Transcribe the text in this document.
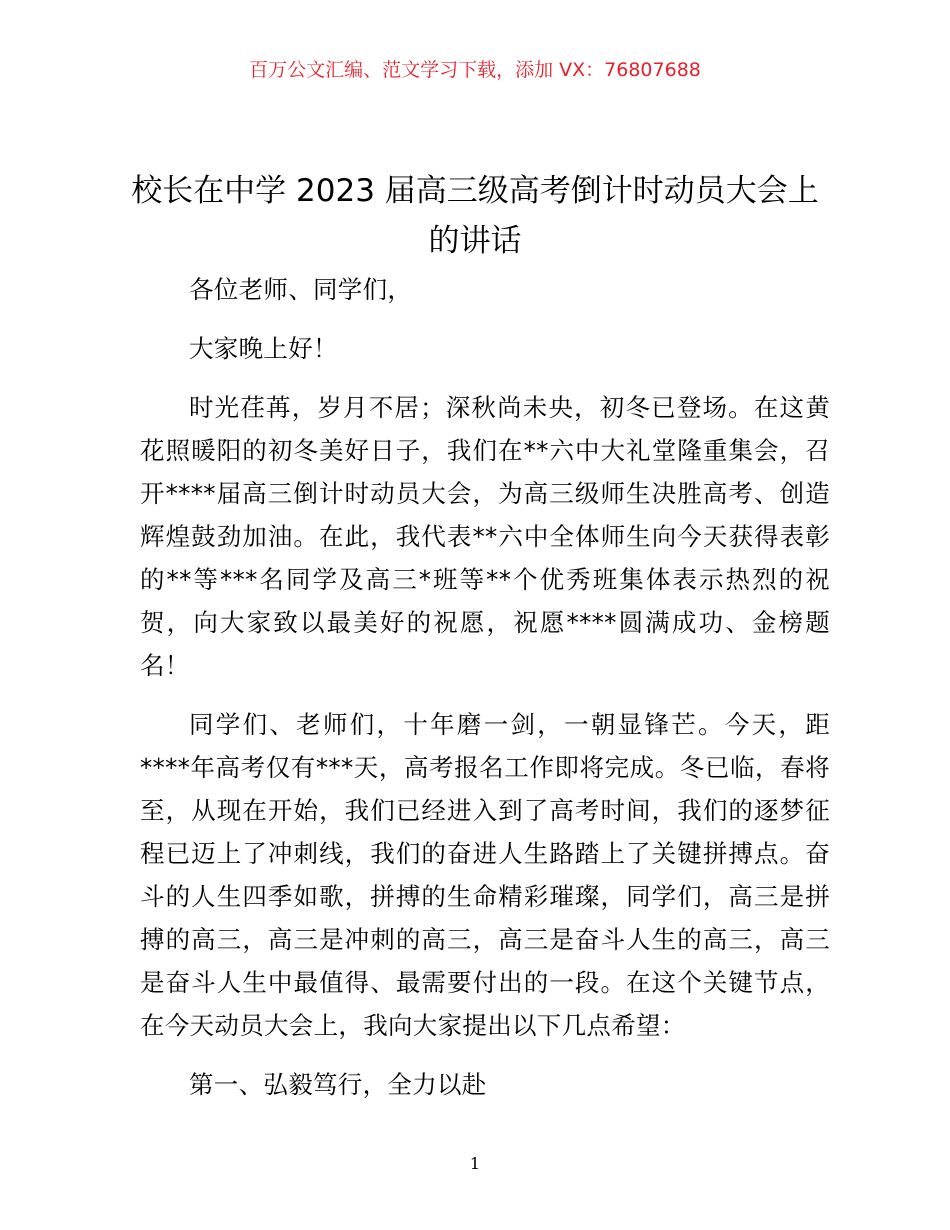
百万公文汇编、范文学习下载，添加 VX：76807688
校长在中学 2023 届高三级高考倒计时动员大会上的讲话

各位老师、同学们，

大家晚上好！

时光荏苒，岁月不居；深秋尚未央，初冬已登场。在这黄花照暖阳的初冬美好日子，我们在**六中大礼堂隆重集会，召开****届高三倒计时动员大会，为高三级师生决胜高考、创造辉煌鼓劲加油。在此，我代表**六中全体师生向今天获得表彰的**等***名同学及高三*班等**个优秀班集体表示热烈的祝贺，向大家致以最美好的祝愿，祝愿****圆满成功、金榜题名！

同学们、老师们，十年磨一剑，一朝显锋芒。今天，距****年高考仅有***天，高考报名工作即将完成。冬已临，春将至，从现在开始，我们已经进入到了高考时间，我们的逐梦征程已迈上了冲刺线，我们的奋进人生路踏上了关键拼搏点。奋斗的人生四季如歌，拼搏的生命精彩璀璨，同学们，高三是拼搏的高三，高三是冲刺的高三，高三是奋斗人生的高三，高三是奋斗人生中最值得、最需要付出的一段。在这个关键节点，在今天动员大会上，我向大家提出以下几点希望：

第一、弘毅笃行，全力以赴

1
